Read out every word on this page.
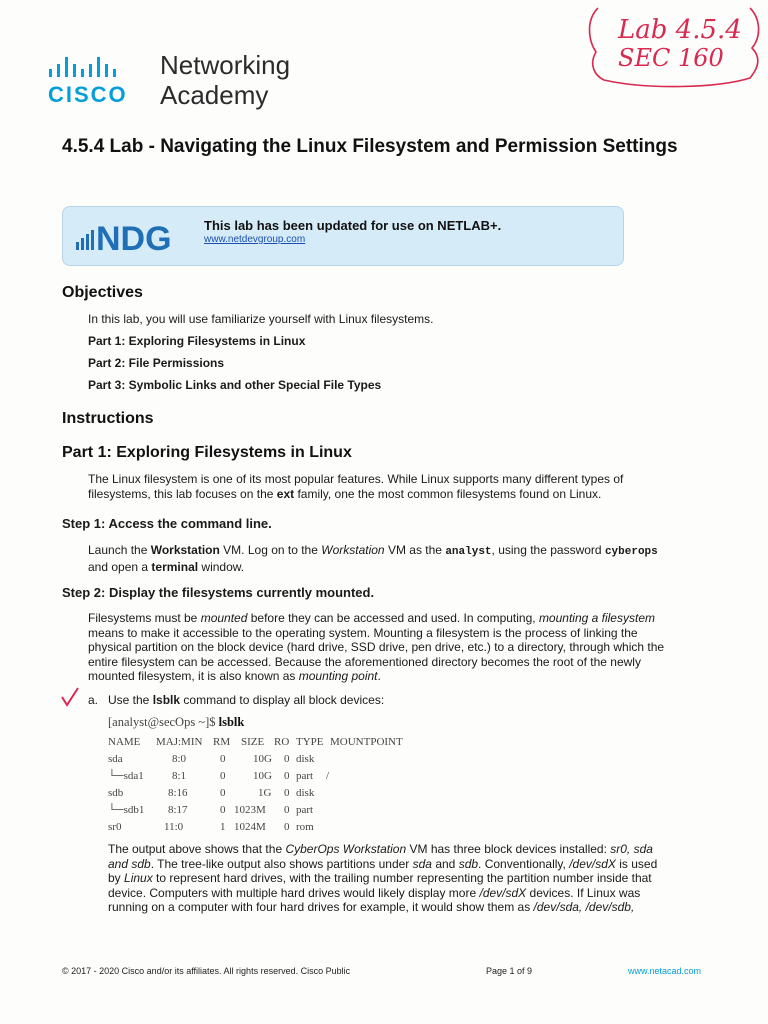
CISCO
Networking
Academy
Lab 4.5.4
SEC 160
4.5.4 Lab - Navigating the Linux Filesystem and Permission Settings
NDG This lab has been updated for use on NETLAB+.
www.netdevgroup.com
Objectives
In this lab, you will use familiarize yourself with Linux filesystems.
Part 1: Exploring Filesystems in Linux
Part 2: File Permissions
Part 3: Symbolic Links and other Special File Types
Instructions
Part 1: Exploring Filesystems in Linux
The Linux filesystem is one of its most popular features. While Linux supports many different types of
filesystems, this lab focuses on the ext family, one the most common filesystems found on Linux.
Step 1: Access the command line.
Launch the Workstation VM. Log on to the Workstation VM as the analyst, using the password cyberops
and open a terminal window.
Step 2: Display the filesystems currently mounted.
Filesystems must be mounted before they can be accessed and used. In computing, mounting a filesystem
means to make it accessible to the operating system. Mounting a filesystem is the process of linking the
physical partition on the block device (hard drive, SSD drive, pen drive, etc.) to a directory, through which the
entire filesystem can be accessed. Because the aforementioned directory becomes the root of the newly
mounted filesystem, it is also known as mounting point.
a. Use the lsblk command to display all block devices:
[analyst@secOps ~]$ lsblk
NAME MAJ:MIN RM SIZE RO TYPE MOUNTPOINT
sda	8:0	0	10G 0 disk
└─sda1	8:1	0	10G 0 part /
sdb	8:16	0	1G 0 disk
└─sdb1 8:17	0 1023M 0 part
sr0	11:0	1 1024M 0 rom
The output above shows that the CyberOps Workstation VM has three block devices installed: sr0, sda
and sdb. The tree-like output also shows partitions under sda and sdb. Conventionally, /dev/sdX is used
by Linux to represent hard drives, with the trailing number representing the partition number inside that
device. Computers with multiple hard drives would likely display more /dev/sdX devices. If Linux was
running on a computer with four hard drives for example, it would show them as /dev/sda, /dev/sdb,
© 2017 - 2020 Cisco and/or its affiliates. All rights reserved. Cisco Public	Page 1 of 9	www.netacad.com
